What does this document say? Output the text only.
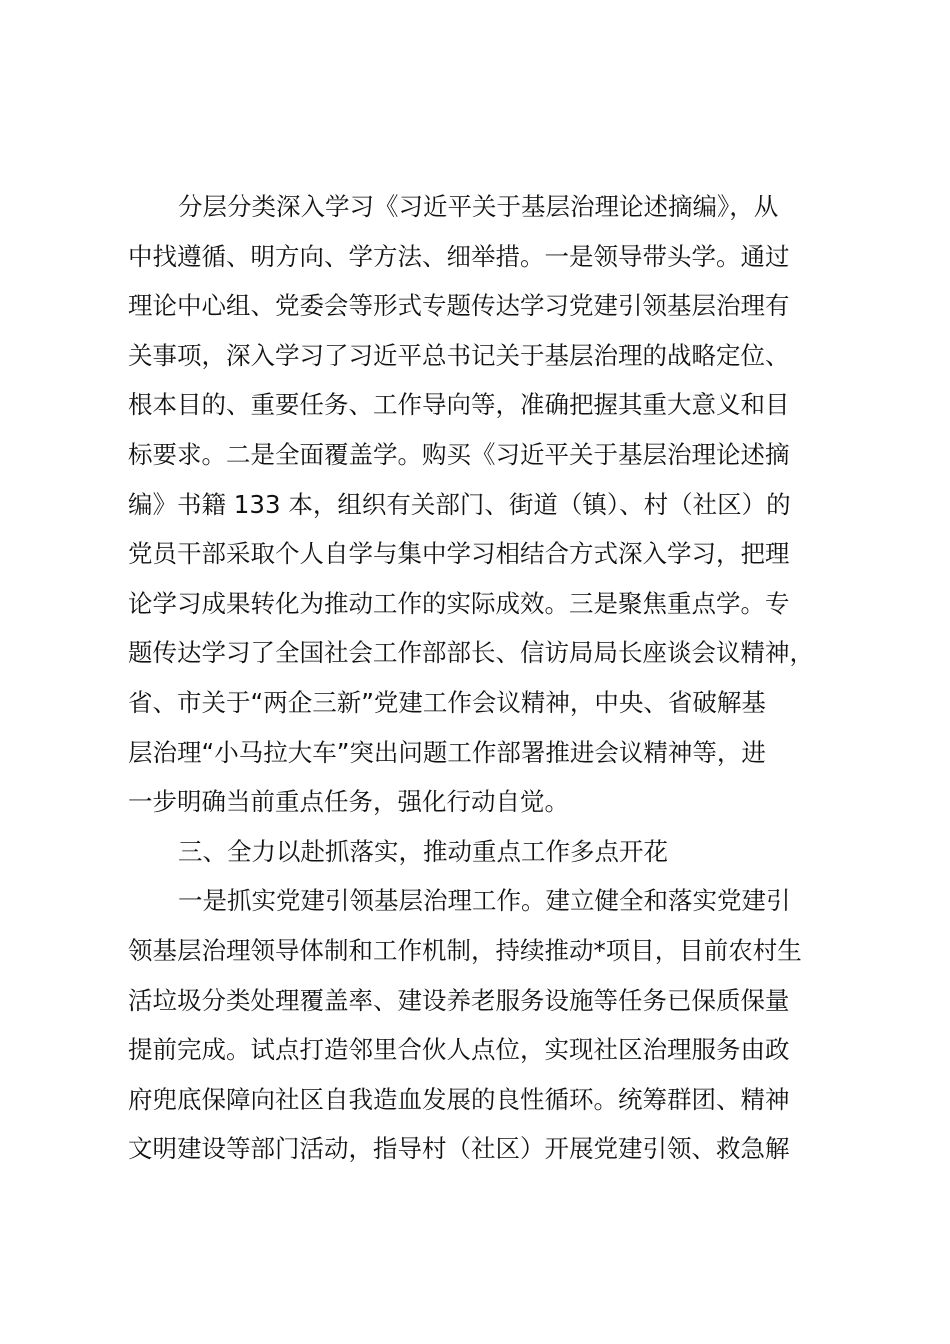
分层分类深入学习《习近平关于基层治理论述摘编》，从
中找遵循、明方向、学方法、细举措。一是领导带头学。通过
理论中心组、党委会等形式专题传达学习党建引领基层治理有
关事项，深入学习了习近平总书记关于基层治理的战略定位、
根本目的、重要任务、工作导向等，准确把握其重大意义和目
标要求。二是全面覆盖学。购买《习近平关于基层治理论述摘
编》书籍 133 本，组织有关部门、街道（镇）、村（社区）的
党员干部采取个人自学与集中学习相结合方式深入学习，把理
论学习成果转化为推动工作的实际成效。三是聚焦重点学。专
题传达学习了全国社会工作部部长、信访局局长座谈会议精神，
省、市关于“两企三新”党建工作会议精神，中央、省破解基
层治理“小马拉大车”突出问题工作部署推进会议精神等，进
一步明确当前重点任务，强化行动自觉。
三、全力以赴抓落实，推动重点工作多点开花
一是抓实党建引领基层治理工作。建立健全和落实党建引
领基层治理领导体制和工作机制，持续推动*项目，目前农村生
活垃圾分类处理覆盖率、建设养老服务设施等任务已保质保量
提前完成。试点打造邻里合伙人点位，实现社区治理服务由政
府兜底保障向社区自我造血发展的良性循环。统筹群团、精神
文明建设等部门活动，指导村（社区）开展党建引领、救急解
